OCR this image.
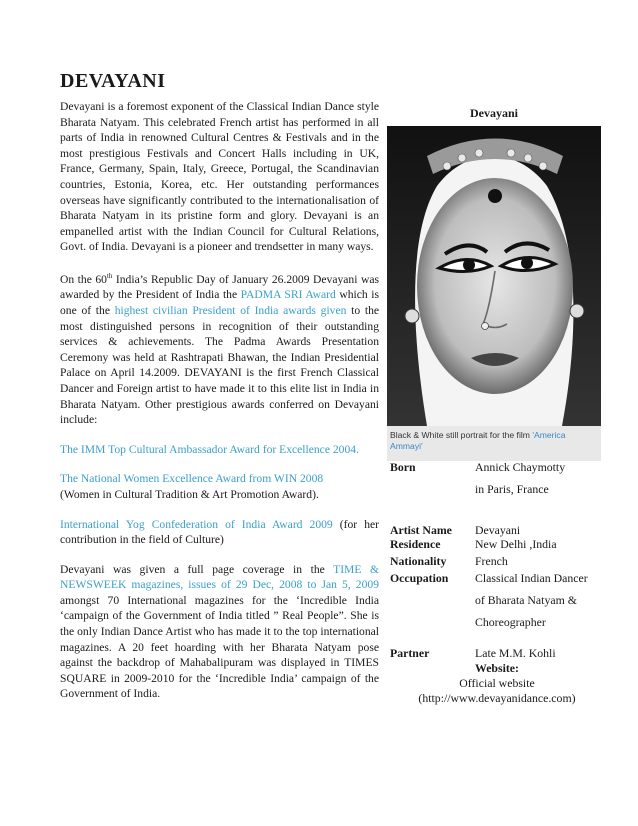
DEVAYANI

Devayani is a foremost exponent of the Classical Indian Dance style Bharata Natyam. This celebrated French artist has performed in all parts of India in renowned Cultural Centres & Festivals and in the most prestigious Festivals and Concert Halls including in UK, France, Germany, Spain, Italy, Greece, Portugal, the Scandinavian countries, Estonia, Korea, etc. Her outstanding performances overseas have significantly contributed to the internationalisation of Bharata Natyam in its pristine form and glory. Devayani is an empanelled artist with the Indian Council for Cultural Relations, Govt. of India. Devayani is a pioneer and trendsetter in many ways.

On the 60th India’s Republic Day of January 26.2009 Devayani was awarded by the President of India the PADMA SRI Award which is one of the highest civilian President of India awards given to the most distinguished persons in recognition of their outstanding services & achievements. The Padma Awards Presentation Ceremony was held at Rashtrapati Bhawan, the Indian Presidential Palace on April 14.2009. DEVAYANI is the first French Classical Dancer and Foreign artist to have made it to this elite list in India in Bharata Natyam. Other prestigious awards conferred on Devayani include:

The IMM Top Cultural Ambassador Award for Excellence 2004.

The National Women Excellence Award from WIN 2008
(Women in Cultural Tradition & Art Promotion Award).

International Yog Confederation of India Award 2009 (for her contribution in the field of Culture)

Devayani was given a full page coverage in the TIME & NEWSWEEK magazines, issues of 29 Dec, 2008 to Jan 5, 2009 amongst 70 International magazines for the ‘Incredible India ‘campaign of the Government of India titled ” Real People”. She is the only Indian Dance Artist who has made it to the top international magazines. A 20 feet hoarding with her Bharata Natyam pose against the backdrop of Mahabalipuram was displayed in TIMES SQUARE in 2009-2010 for the ‘Incredible India’ campaign of the Government of India.

Devayani
Black & White still portrait for the film 'America Ammayi'
Born	Annick Chaymotty
in Paris, France
Artist Name Devayani
Residence	New Delhi ,India
Nationality French
Occupation Classical Indian Dancer
of Bharata Natyam &
Choreographer
Partner	Late M.M. Kohli
Website:
Official website
(http://www.devayanidance.com)
